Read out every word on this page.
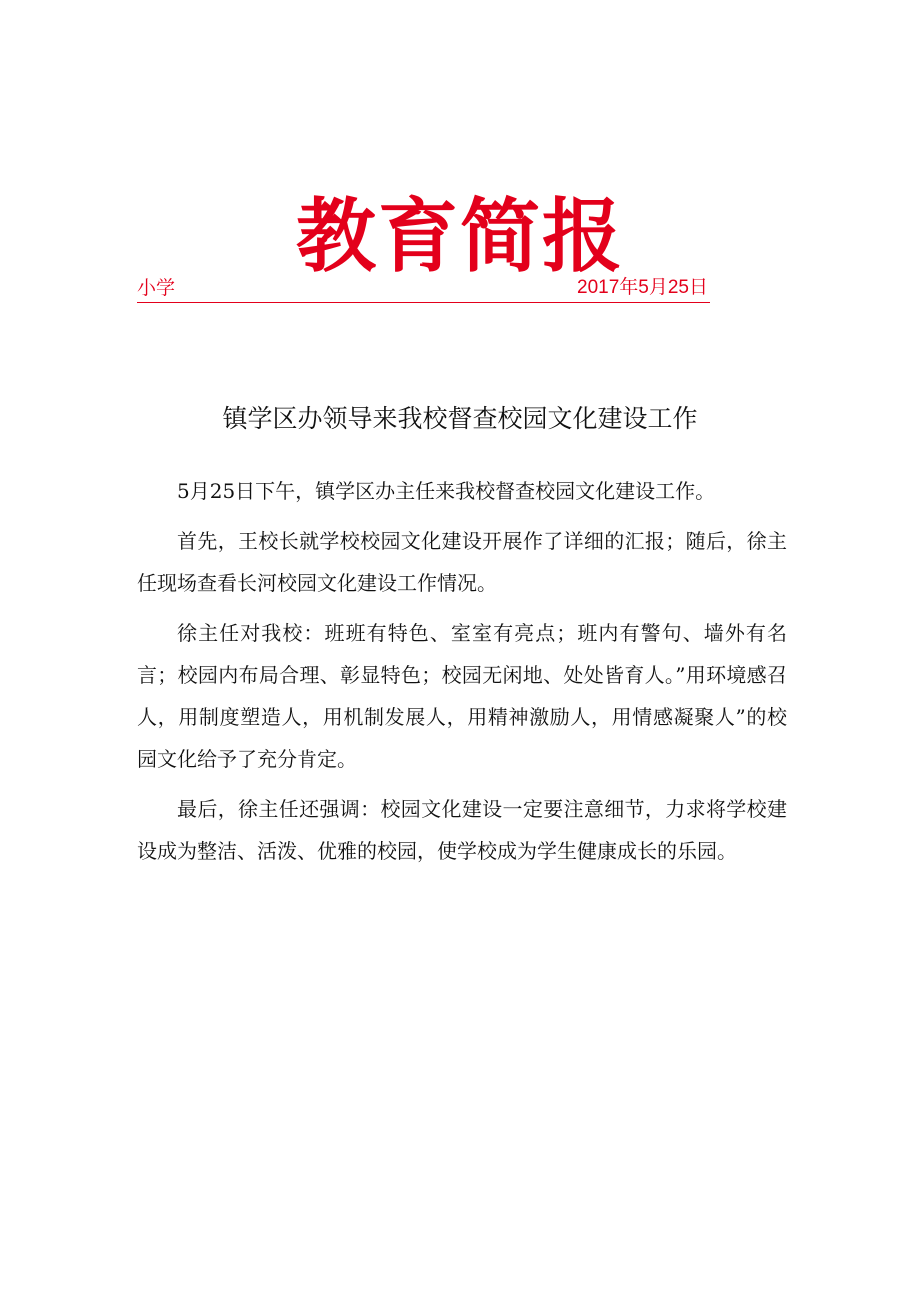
教育简报
小学	2017年5月25日
镇学区办领导来我校督查校园文化建设工作

5月25日下午，镇学区办主任来我校督查校园文化建设工作。

首先，王校长就学校校园文化建设开展作了详细的汇报；随后，徐主任现场查看长河校园文化建设工作情况。

徐主任对我校：班班有特色、室室有亮点；班内有警句、墙外有名言；校园内布局合理、彰显特色；校园无闲地、处处皆育人。”用环境感召人，用制度塑造人，用机制发展人，用精神激励人，用情感凝聚人”的校园文化给予了充分肯定。

最后，徐主任还强调：校园文化建设一定要注意细节，力求将学校建设成为整洁、活泼、优雅的校园，使学校成为学生健康成长的乐园。
